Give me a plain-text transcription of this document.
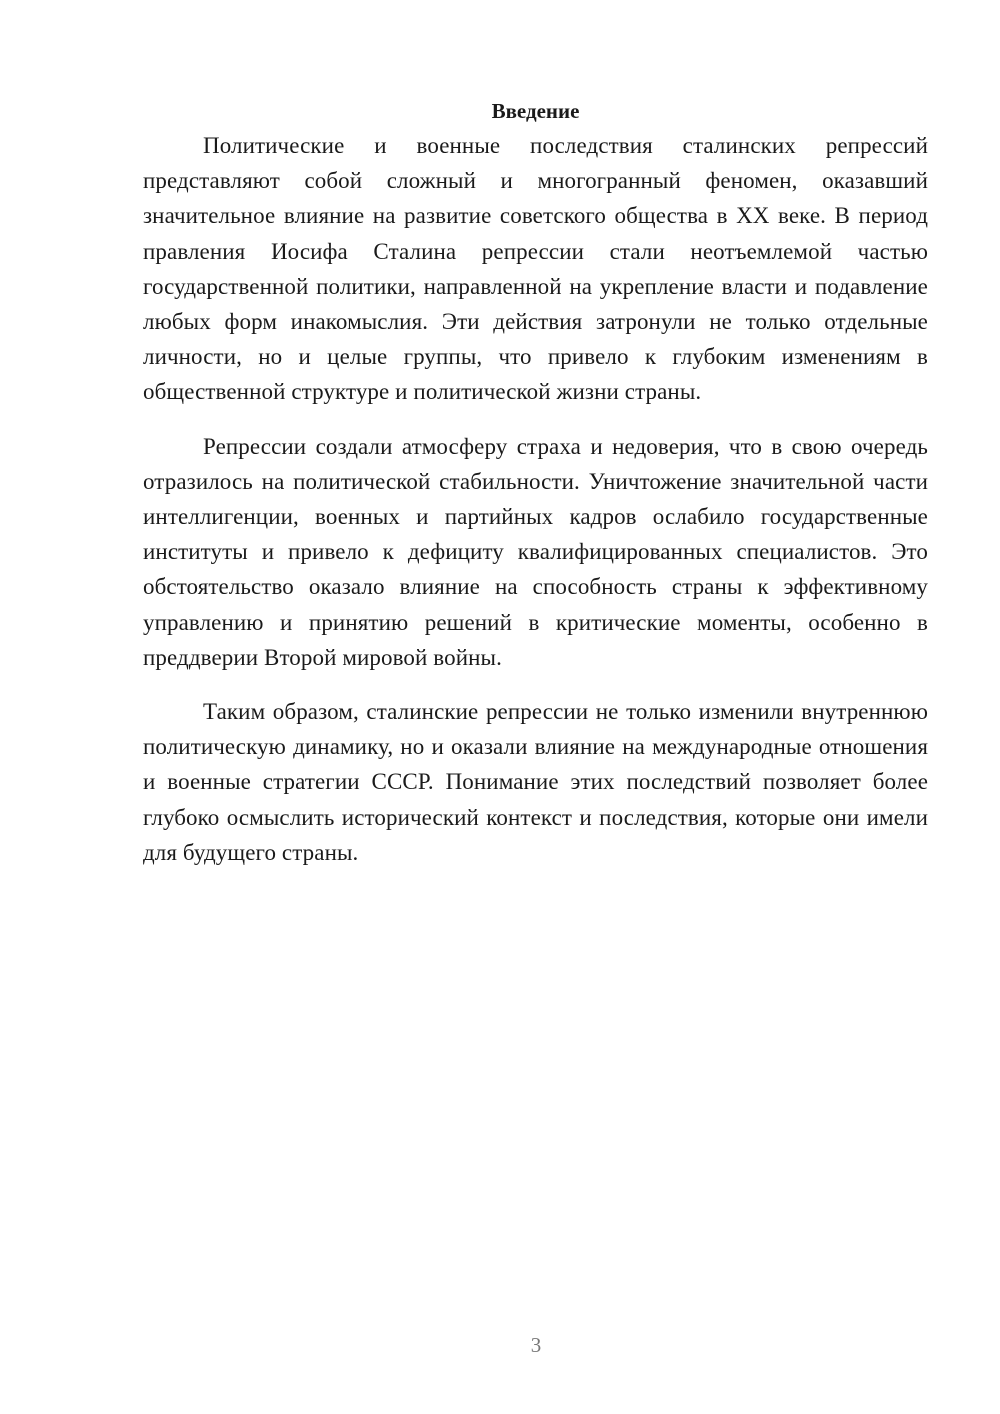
Введение

Политические и военные последствия сталинских репрессий представляют собой сложный и многогранный феномен, оказавший значительное влияние на развитие советского общества в XX веке. В период правления Иосифа Сталина репрессии стали неотъемлемой частью государственной политики, направленной на укрепление власти и подавление любых форм инакомыслия. Эти действия затронули не только отдельные личности, но и целые группы, что привело к глубоким изменениям в общественной структуре и политической жизни страны.

Репрессии создали атмосферу страха и недоверия, что в свою очередь отразилось на политической стабильности. Уничтожение значительной части интеллигенции, военных и партийных кадров ослабило государственные институты и привело к дефициту квалифицированных специалистов. Это обстоятельство оказало влияние на способность страны к эффективному управлению и принятию решений в критические моменты, особенно в преддверии Второй мировой войны.

Таким образом, сталинские репрессии не только изменили внутреннюю политическую динамику, но и оказали влияние на международные отношения и военные стратегии СССР. Понимание этих последствий позволяет более глубоко осмыслить исторический контекст и последствия, которые они имели для будущего страны.

3
